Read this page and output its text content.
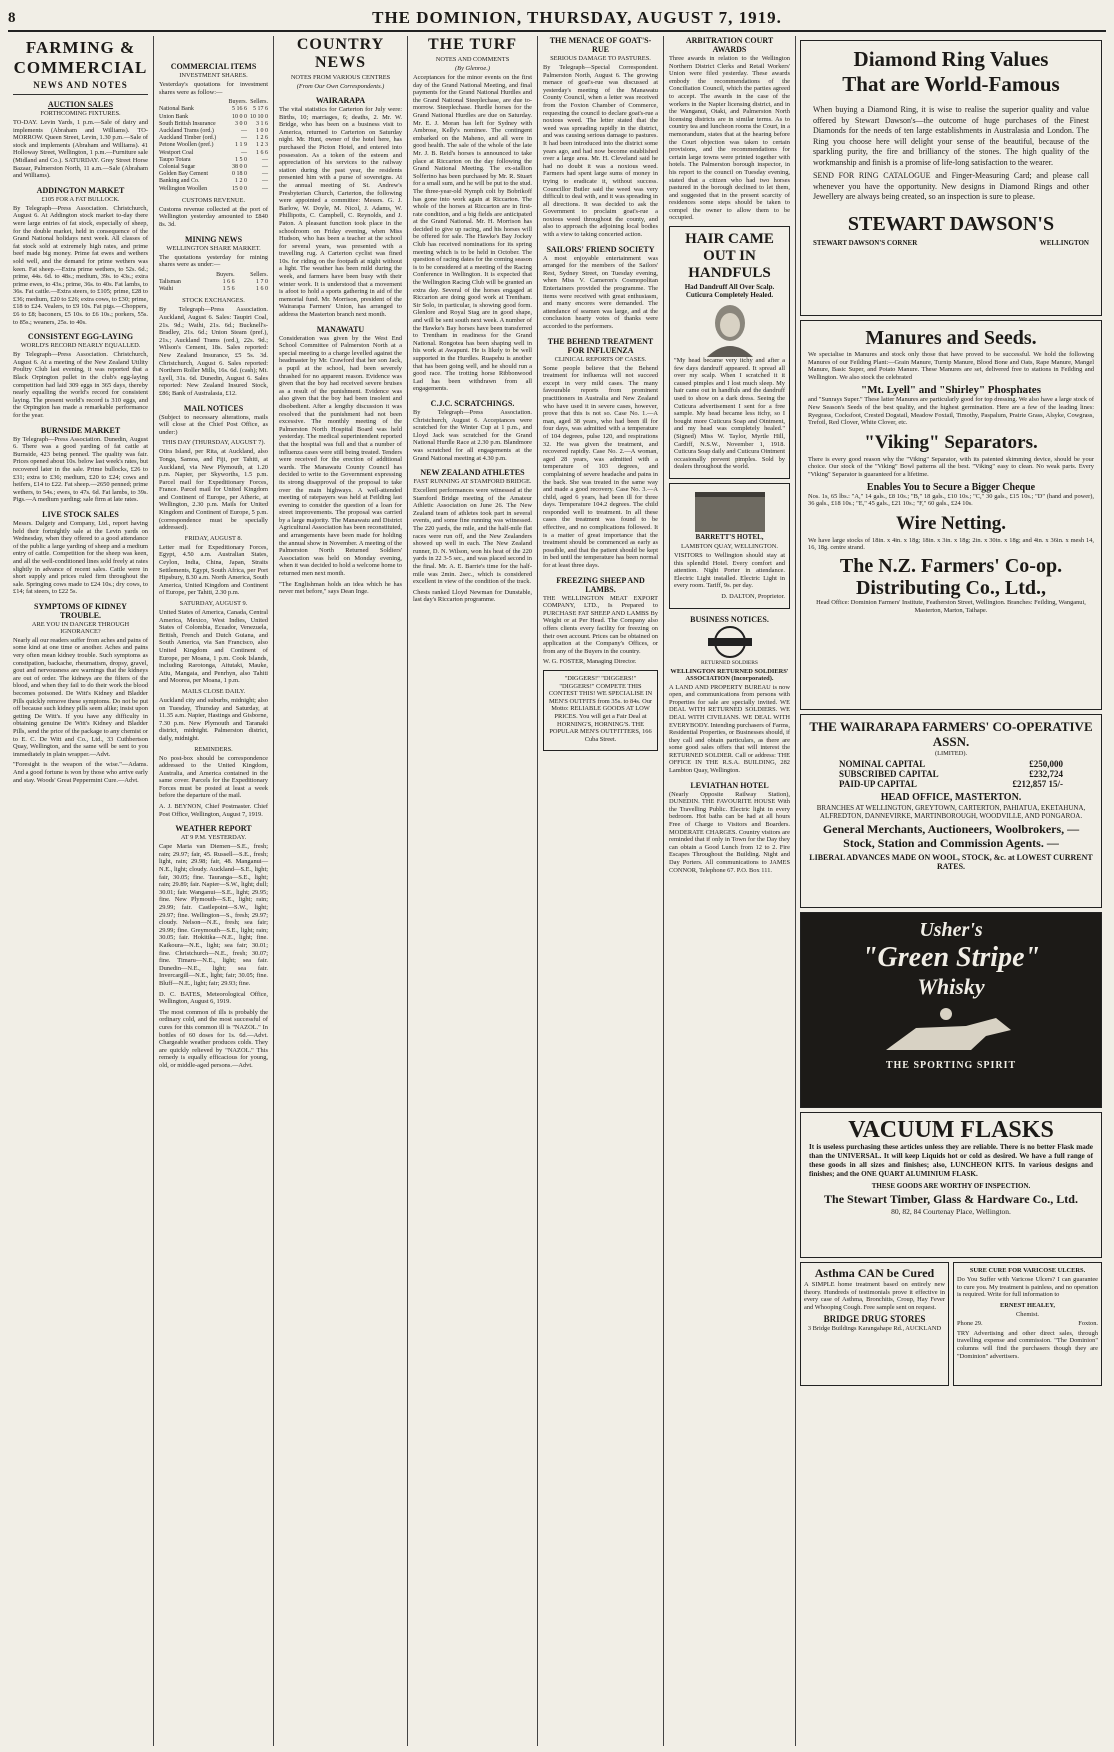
8	THE DOMINION, THURSDAY, AUGUST 7, 1919.
FARMING & COMMERCIAL
NEWS AND NOTES
AUCTION SALES
FORTHCOMING FIXTURES.

TO-DAY. Levin Yards, 1 p.m.—Sale of dairy and implements (Abraham and Williams). TO-MORROW. Queen Street, Levin, 1.30 p.m.—Sale of stock and implements (Abraham and Williams). 41 Holloway Street, Wellington, 1 p.m.—Furniture sale (Midland and Co.). SATURDAY. Grey Street Horse Bazaar, Palmerston North, 11 a.m.—Sale (Abraham and Williams).

ADDINGTON MARKET
£105 FOR A FAT BULLOCK.

By Telegraph—Press Association. Christchurch, August 6. At Addington stock market to-day there were large entries of fat stock, especially of sheep, for the double market, held in consequence of the Grand National holidays next week. All classes of fat stock sold at extremely high rates, and prime beef made big money. Prime fat ewes and wethers sold well, and the demand for prime wethers was keen. Fat sheep.—Extra prime wethers, to 52s. 6d.; prime, 44s. 6d. to 48s.; medium, 39s. to 43s.; extra prime ewes, to 43s.; prime, 36s. to 40s. Fat lambs, to 36s. Fat cattle.—Extra steers, to £105; prime, £28 to £36; medium, £20 to £26; extra cows, to £30; prime, £18 to £24. Vealers, to £9 10s. Fat pigs.—Choppers, £6 to £8; baconers, £5 10s. to £6 10s.; porkers, 55s. to 85s.; weaners, 25s. to 40s.

CONSISTENT EGG-LAYING
WORLD'S RECORD NEARLY EQUALLED.

By Telegraph—Press Association. Christchurch, August 6. At a meeting of the New Zealand Utility Poultry Club last evening, it was reported that a Black Orpington pullet in the club's egg-laying competition had laid 309 eggs in 365 days, thereby nearly equalling the world's record for consistent laying. The present world's record is 310 eggs, and the Orpington has made a remarkable performance for the year.

BURNSIDE MARKET

By Telegraph—Press Association. Dunedin, August 6. There was a good yarding of fat cattle at Burnside, 423 being penned. The quality was fair. Prices opened about 10s. below last week's rates, but recovered later in the sale. Prime bullocks, £26 to £31; extra to £36; medium, £20 to £24; cows and heifers, £14 to £22. Fat sheep.—2650 penned; prime wethers, to 54s.; ewes, to 47s. 6d. Fat lambs, to 39s. Pigs.—A medium yarding; sale firm at late rates.

LIVE STOCK SALES

Messrs. Dalgety and Company, Ltd., report having held their fortnightly sale at the Levin yards on Wednesday, when they offered to a good attendance of the public a large yarding of sheep and a medium entry of cattle. Competition for the sheep was keen, and all the well-conditioned lines sold freely at rates slightly in advance of recent sales. Cattle were in short supply and prices ruled firm throughout the sale. Springing cows made to £24 10s.; dry cows, to £14; fat steers, to £22 5s.

SYMPTOMS OF KIDNEY TROUBLE.
ARE YOU IN DANGER THROUGH IGNORANCE?

Nearly all our readers suffer from aches and pains of some kind at one time or another. Aches and pains very often mean kidney trouble. Such symptoms as constipation, backache, rheumatism, dropsy, gravel, gout and nervousness are warnings that the kidneys are out of order. The kidneys are the filters of the blood, and when they fail to do their work the blood becomes poisoned. De Witt's Kidney and Bladder Pills quickly remove these symptoms. Do not be put off because such kidney pills seem alike; insist upon getting De Witt's. If you have any difficulty in obtaining genuine De Witt's Kidney and Bladder Pills, send the price of the package to any chemist or to E. C. De Witt and Co., Ltd., 33 Cuthbertson Quay, Wellington, and the same will be sent to you immediately in plain wrapper.—Advt.

"Foresight is the weapon of the wise."—Adams. And a good fortune is won by those who arrive early and stay. Woods' Great Peppermint Cure.—Advt.

COMMERCIAL ITEMS
INVESTMENT SHARES.

Yesterday's quotations for investment shares were as follow:—

	Buyers.	Sellers.
National Bank	5 16 6	5 17 6
Union Bank	10 0 0	10 10 0
South British Insurance	3 0 0	3 1 6
Auckland Trams (ord.)	—	1 0 0
Auckland Timber (ord.)	—	1 2 6
Petone Woollen (pref.)	1 1 9	1 2 3
Westport Coal	—	1 6 6
Taupo Totara	1 5 0	—
Colonial Sugar	38 0 0	—
Golden Bay Cement	0 18 0	—
Banking and Co.	1 2 0	—
Wellington Woollen	15 0 0	—
CUSTOMS REVENUE.

Customs revenue collected at the port of Wellington yesterday amounted to £840 8s. 3d.

MINING NEWS
WELLINGTON SHARE MARKET.

The quotations yesterday for mining shares were as under:—

	Buyers.	Sellers.
Talisman	1 6 6	1 7 0
Waihi	1 5 6	1 6 0
STOCK EXCHANGES.

By Telegraph—Press Association. Auckland, August 6. Sales: Taupiri Coal, 21s. 9d.; Waihi, 21s. 6d.; Bucknell's-Bradley, 21s. 6d.; Union Steam (pref.), 21s.; Auckland Trams (ord.), 22s. 9d.; Wilson's Cement, 18s. Sales reported: New Zealand Insurance, £5 5s. 3d. Christchurch, August 6. Sales reported: Northern Roller Mills, 16s. 6d. (cash); Mt. Lyell, 31s. 6d. Dunedin, August 6. Sales reported: New Zealand Insured Stock, £86; Bank of Australasia, £12.

MAIL NOTICES

(Subject to necessary alterations, mails will close at the Chief Post Office, as under:)

THIS DAY (THURSDAY, AUGUST 7).

Otira Island, per Rita, at Auckland, also Tonga, Samoa, and Fiji, per Tahiti, at Auckland, via New Plymouth, at 1.20 p.m. Napier, per Skyworths, 1.5 p.m. Parcel mail for Expeditionary Forces, France. Parcel mail for United Kingdom and Continent of Europe, per Atheric, at Wellington, 2.30 p.m. Mails for United Kingdom and Continent of Europe, 5 p.m. (correspondence must be specially addressed).

FRIDAY, AUGUST 8.

Letter mail for Expeditionary Forces, Egypt, 4.50 a.m. Australian States, Ceylon, India, China, Japan, Straits Settlements, Egypt, South Africa, per Port Hipsbury, 8.30 a.m. North America, South America, United Kingdom and Continent of Europe, per Tahiti, 2.30 p.m.

SATURDAY, AUGUST 9.

United States of America, Canada, Central America, Mexico, West Indies, United States of Colombia, Ecuador, Venezuela, British, French and Dutch Guiana, and South America, via San Francisco, also United Kingdom and Continent of Europe, per Moana, 1 p.m. Cook Islands, including Rarotonga, Aitutaki, Mauke, Atiu, Mangaia, and Penrhyn, also Tahiti and Moorea, per Moana, 1 p.m.

MAILS CLOSE DAILY.

Auckland city and suburbs, midnight; also on Tuesday, Thursday and Saturday, at 11.35 a.m. Napier, Hastings and Gisborne, 7.30 p.m. New Plymouth and Taranaki district, midnight. Palmerston district, daily, midnight.

REMINDERS.

No post-box should be correspondence addressed to the United Kingdom, Australia, and America contained in the same cover. Parcels for the Expeditionary Forces must be posted at least a week before the departure of the mail.

A. J. BEYNON, Chief Postmaster. Chief Post Office, Wellington, August 7, 1919.

WEATHER REPORT
AT 9 P.M. YESTERDAY.

Cape Maria van Diemen—S.E., fresh; rain; 29.97; fair, 45. Russell—S.E., fresh; light, rain; 29.98; fair, 48. Manganui—N.E., light; cloudy. Auckland—S.E., light; fair, 30.05; fine. Tauranga—S.E., light; rain; 29.89; fair. Napier—S.W., light; dull; 30.01; fair. Wanganui—S.E., light; 29.95; fine. New Plymouth—S.E., light; rain; 29.99; fair. Castlepoint—S.W., light; 29.97; fine. Wellington—S., fresh; 29.97; cloudy. Nelson—N.E., fresh; sea fair; 29.99; fine. Greymouth—S.E., light; rain; 30.05; fair. Hokitika—N.E., light; fine. Kaikoura—N.E., light; sea fair; 30.01; fine. Christchurch—N.E., fresh; 30.07; fine. Timaru—N.E., light; sea fair. Dunedin—N.E., light; sea fair. Invercargill—N.E., light; fair; 30.05; fine. Bluff—N.E., light; fair; 29.93; fine.

D. C. BATES, Meteorological Office, Wellington, August 6, 1919.

The most common of ills is probably the ordinary cold, and the most successful of cures for this common ill is "NAZOL." In bottles of 60 doses for 1s. 6d.—Advt. Chargeable weather produces colds. They are quickly relieved by "NAZOL." This remedy is equally efficacious for young, old, or middle-aged persons.—Advt.

COUNTRY NEWS
NOTES FROM VARIOUS CENTRES
(From Our Own Correspondents.)
WAIRARAPA

The vital statistics for Carterton for July were: Births, 10; marriages, 6; deaths, 2. Mr. W. Bridge, who has been on a business visit to America, returned to Carterton on Saturday night. Mr. Hunt, owner of the hotel here, has purchased the Picton Hotel, and entered into possession. As a token of the esteem and appreciation of his services to the railway station during the past year, the residents presented him with a purse of sovereigns. At the annual meeting of St. Andrew's Presbyterian Church, Carterton, the following were appointed a committee: Messrs. G. J. Barlow, W. Doyle, M. Nicol, J. Adams, W. Phillipotts, C. Campbell, C. Reynolds, and J. Paton. A pleasant function took place in the schoolroom on Friday evening, when Miss Hudson, who has been a teacher at the school for several years, was presented with a travelling rug. A Carterton cyclist was fined 10s. for riding on the footpath at night without a light. The weather has been mild during the week, and farmers have been busy with their winter work. It is understood that a movement is afoot to hold a sports gathering in aid of the memorial fund. Mr. Morrison, president of the Wairarapa Farmers' Union, has arranged to address the Masterton branch next month.

MANAWATU

Consideration was given by the West End School Committee of Palmerston North at a special meeting to a charge levelled against the headmaster by Mr. Crawford that her son Jack, a pupil at the school, had been severely thrashed for no apparent reason. Evidence was given that the boy had received severe bruises as a result of the punishment. Evidence was also given that the boy had been insolent and disobedient. After a lengthy discussion it was resolved that the punishment had not been excessive. The monthly meeting of the Palmerston North Hospital Board was held yesterday. The medical superintendent reported that the hospital was full and that a number of influenza cases were still being treated. Tenders were received for the erection of additional wards. The Manawatu County Council has decided to write to the Government expressing its strong disapproval of the proposal to take over the main highways. A well-attended meeting of ratepayers was held at Feilding last evening to consider the question of a loan for street improvements. The proposal was carried by a large majority. The Manawatu and District Agricultural Association has been reconstituted, and arrangements have been made for holding the annual show in November. A meeting of the Palmerston North Returned Soldiers' Association was held on Monday evening, when it was decided to hold a welcome home to returned men next month.

"The Englishman holds an idea which he has never met before," says Dean Inge.

THE TURF
NOTES AND COMMENTS
(By Glenroe.)

Acceptances for the minor events on the first day of the Grand National Meeting, and final payments for the Grand National Hurdles and the Grand National Steeplechase, are due to-morrow. Steeplechase. Hurdle horses for the Grand National Hurdles are due on Saturday. Mr. E. J. Moran has left for Sydney with Ambrose, Kelly's nominee. The contingent embarked on the Maheno, and all were in good health. The sale of the whole of the late Mr. J. B. Reid's horses is announced to take place at Riccarton on the day following the Grand National Meeting. The ex-stallion Solferino has been purchased by Mr. R. Stuart for a small sum, and he will be put to the stud. The three-year-old Nymph colt by Bobrikoff has gone into work again at Riccarton. The whole of the horses at Riccarton are in first-rate condition, and a big fields are anticipated at the Grand National. Mr. H. Morrison has decided to give up racing, and his horses will be offered for sale. The Hawke's Bay Jockey Club has received nominations for its spring meeting which is to be held in October. The question of racing dates for the coming season is to be considered at a meeting of the Racing Conference in Wellington. It is expected that the Wellington Racing Club will be granted an extra day. Several of the horses engaged at Riccarton are doing good work at Trentham. Sir Solo, in particular, is showing good form. Glenlore and Royal Stag are in good shape, and will be sent south next week. A number of the Hawke's Bay horses have been transferred to Trentham in readiness for the Grand National. Rongotea has been shaping well in his work at Awapuni. He is likely to be well supported in the Hurdles. Ruapehu is another that has been going well, and he should run a good race. The trotting horse Ribbonwood Lad has been withdrawn from all engagements.

C.J.C. SCRATCHINGS.

By Telegraph—Press Association. Christchurch, August 6. Acceptances were scratched for the Winter Cup at 1 p.m., and Lloyd Jack was scratched for the Grand National Hurdle Race at 2.30 p.m. Blandmore was scratched for all engagements at the Grand National meeting at 4.30 p.m.

NEW ZEALAND ATHLETES
FAST RUNNING AT STAMFORD BRIDGE.

Excellent performances were witnessed at the Stamford Bridge meeting of the Amateur Athletic Association on June 26. The New Zealand team of athletes took part in several events, and some fine running was witnessed. The 220 yards, the mile, and the half-mile flat races were run off, and the New Zealanders showed up well in each. The New Zealand runner, D. N. Wilson, won his heat of the 220 yards in 22 3-5 sec., and was placed second in the final. Mr. A. E. Barrie's time for the half-mile was 2min. 2sec., which is considered excellent in view of the condition of the track.

Chests ranked Lloyd Newman for Dunstable, last day's Riccarton programme.

THE MENACE OF GOAT'S-RUE
SERIOUS DAMAGE TO PASTURES.

By Telegraph—Special Correspondent. Palmerston North, August 6. The growing menace of goat's-rue was discussed at yesterday's meeting of the Manawatu County Council, when a letter was received from the Foxton Chamber of Commerce, requesting the council to declare goat's-rue a noxious weed. The letter stated that the weed was spreading rapidly in the district, and was causing serious damage to pastures. It had been introduced into the district some years ago, and had now become established over a large area. Mr. H. Cleveland said he had no doubt it was a noxious weed. Farmers had spent large sums of money in trying to eradicate it, without success. Councillor Butler said the weed was very difficult to deal with, and it was spreading in all directions. It was decided to ask the Government to proclaim goat's-rue a noxious weed throughout the county, and also to approach the adjoining local bodies with a view to taking concerted action.

SAILORS' FRIEND SOCIETY

A most enjoyable entertainment was arranged for the members of the Sailors' Rest, Sydney Street, on Tuesday evening, when Miss V. Cameron's Cosmopolitan Entertainers provided the programme. The items were received with great enthusiasm, and many encores were demanded. The attendance of seamen was large, and at the conclusion hearty votes of thanks were accorded to the performers.

THE BEHEND TREATMENT FOR INFLUENZA
CLINICAL REPORTS OF CASES.

Some people believe that the Behend treatment for influenza will not succeed except in very mild cases. The many favourable reports from prominent practitioners in Australia and New Zealand who have used it in severe cases, however, prove that this is not so. Case No. 1.—A man, aged 38 years, who had been ill for four days, was admitted with a temperature of 104 degrees, pulse 120, and respirations 32. He was given the treatment, and recovered rapidly. Case No. 2.—A woman, aged 28 years, was admitted with a temperature of 103 degrees, and complaining of severe headache and pains in the back. She was treated in the same way and made a good recovery. Case No. 3.—A child, aged 6 years, had been ill for three days. Temperature 104.2 degrees. The child responded well to treatment. In all these cases the treatment was found to be effective, and no complications followed. It is a matter of great importance that the treatment should be commenced as early as possible, and that the patient should be kept in bed until the temperature has been normal for at least three days.

FREEZING SHEEP AND LAMBS.

THE WELLINGTON MEAT EXPORT COMPANY, LTD., Is Prepared to PURCHASE FAT SHEEP AND LAMBS By Weight or at Per Head. The Company also offers clients every facility for freezing on their own account. Prices can be obtained on application at the Company's Offices, or from any of the Buyers in the country.

W. G. FOSTER, Managing Director.

"DIGGERS!" "DIGGERS!" "DIGGERS!" COMPETE THIS CONTEST THIS! WE SPECIALISE IN MEN'S OUTFITS from 35s. to 84s. Our Motto: RELIABLE GOODS AT LOW PRICES. You will get a Fair Deal at HORNING'S, HORNING'S. THE POPULAR MEN'S OUTFITTERS, 166 Cuba Street.

ARBITRATION COURT AWARDS

Three awards in relation to the Wellington Northern District Clerks and Retail Workers' Union were filed yesterday. These awards embody the recommendations of the Conciliation Council, which the parties agreed to accept. The awards in the case of the workers in the Napier licensing district, and in the Wanganui, Otaki, and Palmerston North licensing districts are in similar terms. As to country tea and luncheon rooms the Court, in a memorandum, states that at the hearing before the Court objection was taken to certain provisions, and the recommendations for certain large towns were printed together with hotels. The Palmerston borough inspector, in his report to the council on Tuesday evening, stated that a citizen who had two horses pastured in the borough declined to let them, and suggested that in the present scarcity of residences some steps should be taken to compel the owner to allow them to be occupied.

HAIR CAME OUT IN HANDFULS
Had Dandruff All Over Scalp. Cuticura Completely Healed.

"My head became very itchy and after a few days dandruff appeared. It spread all over my scalp. When I scratched it it caused pimples and I lost much sleep. My hair came out in handfuls and the dandruff used to show on a dark dress. Seeing the Cuticura advertisement I sent for a free sample. My head became less itchy, so I bought more Cuticura Soap and Ointment, and my head was completely healed." (Signed) Miss W. Taylor, Myrtle Hill, Cardiff, N.S.W., November 1, 1918. Cuticura Soap daily and Cuticura Ointment occasionally prevent pimples. Sold by dealers throughout the world.

BARRETT'S HOTEL,
LAMBTON QUAY, WELLINGTON.

VISITORS to Wellington should stay at this splendid Hotel. Every comfort and attention. Night Porter in attendance. Electric Light installed. Electric Light in every room. Tariff, 9s. per day.

D. DALTON, Proprietor.

BUSINESS NOTICES.
RETURNED SOLDIERS
WELLINGTON RETURNED SOLDIERS' ASSOCIATION (Incorporated).

A LAND AND PROPERTY BUREAU is now open, and communications from persons with Properties for sale are specially invited. WE DEAL WITH RETURNED SOLDIERS. WE DEAL WITH CIVILIANS. WE DEAL WITH EVERYBODY. Intending purchasers of Farms, Residential Properties, or Businesses should, if they call and obtain particulars, as there are some good sales offers that will interest the RETURNED SOLDIER. Call or address: THE OFFICE IN THE R.S.A. BUILDING, 282 Lambton Quay, Wellington.

LEVIATHAN HOTEL

(Nearly Opposite Railway Station), DUNEDIN. THE FAVOURITE HOUSE With the Travelling Public. Electric light in every bedroom. Hot baths can be had at all hours Free of Charge to Visitors and Boarders. MODERATE CHARGES. Country visitors are reminded that if only in Town for the Day they can obtain a Good Lunch from 12 to 2. Fire Escapes Throughout the Building. Night and Day Porters. All communications to JAMES CONNOR, Telephone 67. P.O. Box 111.

Diamond Ring Values
That are World-Famous

When buying a Diamond Ring, it is wise to realise the superior quality and value offered by Stewart Dawson's—the outcome of huge purchases of the Finest Diamonds for the needs of ten large establishments in Australasia and London. The Ring you choose here will delight your sense of the beautiful, because of the sparkling purity, the fire and brilliancy of the stones. The high quality of the workmanship and finish is a promise of life-long satisfaction to the wearer.

SEND FOR RING CATALOGUE and Finger-Measuring Card; and please call whenever you have the opportunity. New designs in Diamond Rings and other Jewellery are always being created, so an inspection is sure to please.

STEWART DAWSON'S
STEWART DAWSON'S CORNER	WELLINGTON
Manures and Seeds.

We specialise in Manures and stock only those that have proved to be successful. We hold the following Manures of our Feilding Plant:—Grain Manure, Turnip Manure, Blood Bone and Oats, Rape Manure, Mangel Manure, Basic Super, and Potato Manure. These Manures are set, delivered free to stations in Feilding and Wellington. We also stock the celebrated

"Mt. Lyell" and "Shirley" Phosphates

and "Sunrays Super." These latter Manures are particularly good for top dressing. We also have a large stock of New Season's Seeds of the best quality, and the highest germination. Here are a few of the leading lines: Ryegrass, Cocksfoot, Crested Dogstail, Meadow Foxtail, Timothy, Paspalum, Prairie Grass, Alsyke, Cowgrass, Trefoil, Red Clover, White Clover, etc.

"Viking" Separators.

There is every good reason why the "Viking" Separator, with its patented skimming device, should be your choice. Our stock of the "Viking" Bowl patterns all the best. "Viking" easy to clean. No weak parts. Every "Viking" Separator is guaranteed for a lifetime.

Enables You to Secure a Bigger Cheque

Nos. 1s, 65 lbs.: "A," 14 gals., £8 10s.; "B," 18 gals., £10 10s.; "C," 30 gals., £15 10s.; "D" (hand and power), 36 gals., £18 10s.; "E," 45 gals., £21 10s.; "F," 60 gals., £24 10s.

Wire Netting.

We have large stocks of 18in. x 4in. x 18g; 18in. x 3in. x 18g; 2in. x 30in. x 18g; and 4in. x 36in. x mesh 14, 16, 18g. centre strand.

The N.Z. Farmers' Co-op.
Distributing Co., Ltd.,

Head Office: Dominion Farmers' Institute, Featherston Street, Wellington. Branches: Feilding, Wanganui, Masterton, Marton, Taihape.

THE WAIRARAPA FARMERS' CO-OPERATIVE ASSN.
(LIMITED).
NOMINAL CAPITAL	£250,000
SUBSCRIBED CAPITAL	£232,724
PAID-UP CAPITAL	£212,857 15/-
HEAD OFFICE, MASTERTON.
BRANCHES AT WELLINGTON, GREYTOWN, CARTERTON, PAHIATUA, EKETAHUNA, ALFREDTON, DANNEVIRKE, MARTINBOROUGH, WOODVILLE, AND PONGAROA.
General Merchants, Auctioneers, Woolbrokers, — Stock, Station and Commission Agents. —
LIBERAL ADVANCES MADE ON WOOL, STOCK, &c. at LOWEST CURRENT RATES.
Usher's
"Green Stripe"
Whisky
THE SPORTING SPIRIT
VACUUM FLASKS

It is useless purchasing these articles unless they are reliable. There is no better Flask made than the UNIVERSAL. It will keep Liquids hot or cold as desired. We have a full range of these goods in all sizes and finishes; also, LUNCHEON KITS. In various designs and finishes; and the ONE QUART ALUMINIUM FLASK.

THESE GOODS ARE WORTHY OF INSPECTION.
The Stewart Timber, Glass & Hardware Co., Ltd.
80, 82, 84 Courtenay Place, Wellington.
Asthma CAN be Cured

A SIMPLE home treatment based on entirely new theory. Hundreds of testimonials prove it effective in every case of Asthma, Bronchitis, Croup, Hay Fever and Whooping Cough. Free sample sent on request.

BRIDGE DRUG STORES
3 Bridge Buildings Karangahape Rd., AUCKLAND
SURE CURE FOR VARICOSE ULCERS.

Do You Suffer with Varicose Ulcers? I can guarantee to cure you. My treatment is painless, and no operation is required. Write for full information to

ERNEST HEALEY,
Chemist.
Phone 29.	Foxton.

TRY Advertising and other direct sales, through travelling expense and commission. "The Dominion" columns will find the purchasers though they are "Dominion" advertisers.
